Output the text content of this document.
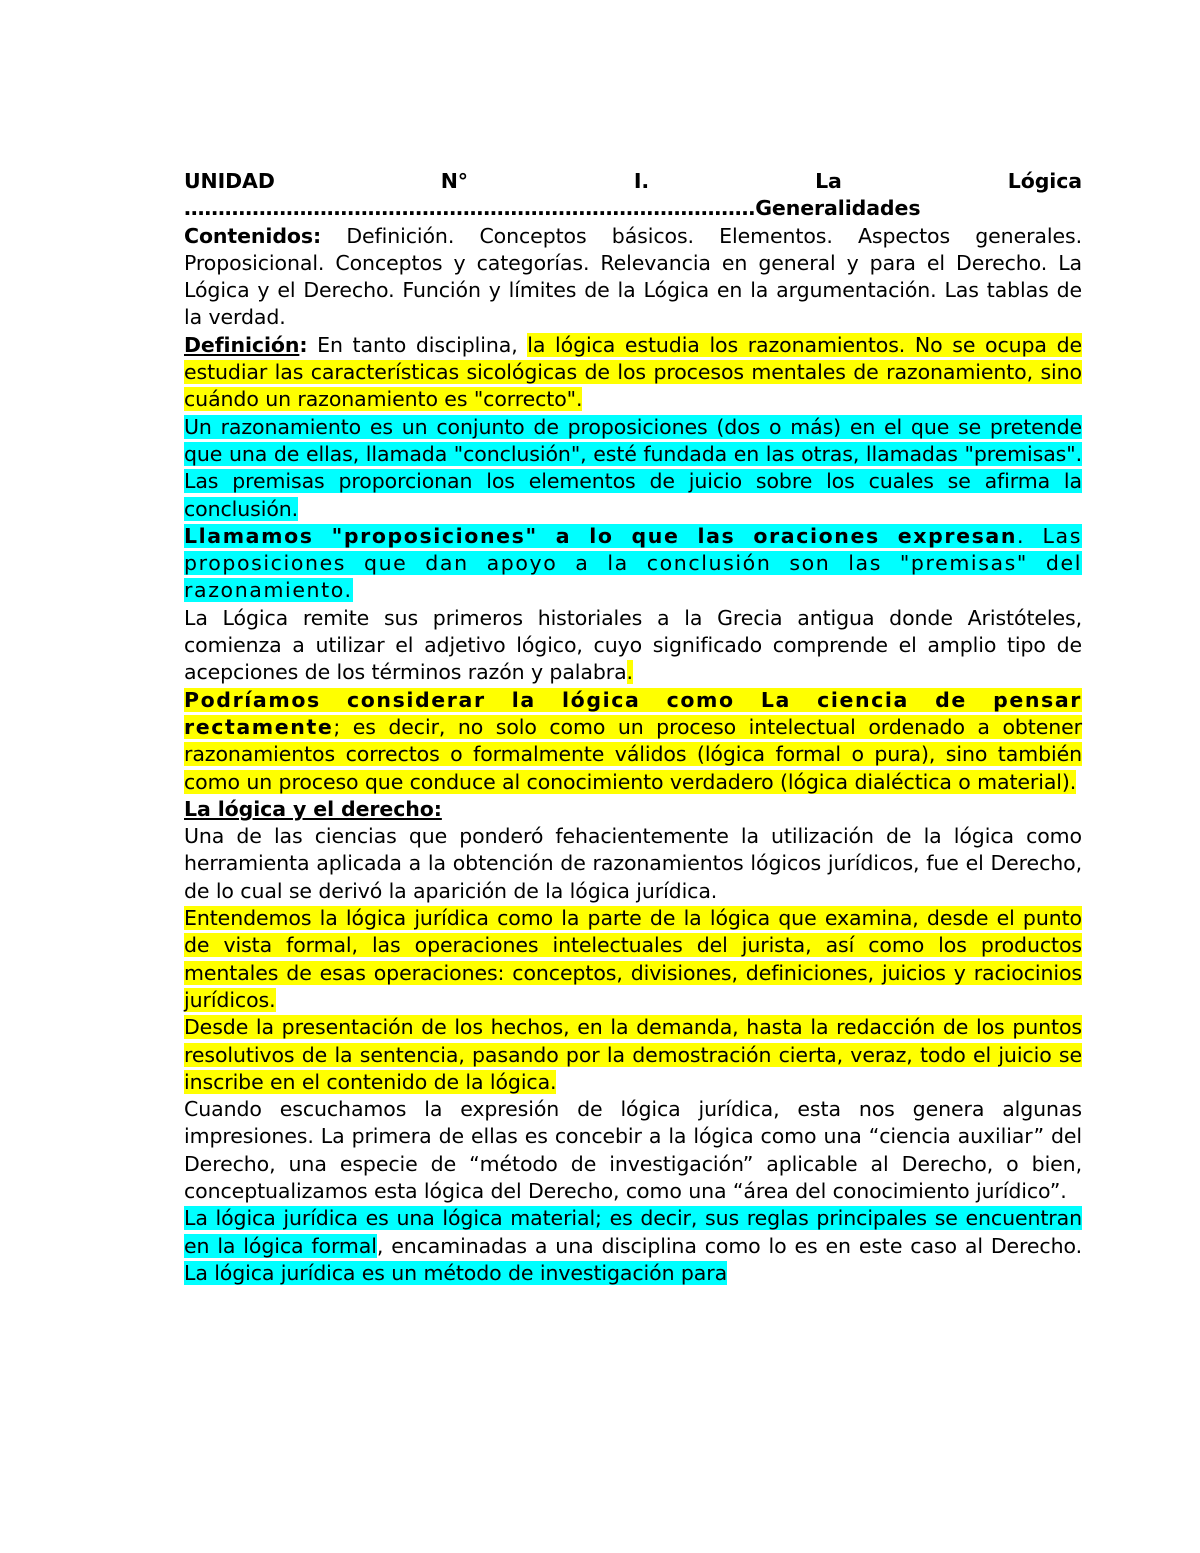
UNIDAD	N°	I.	La	Lógica

…………………………………………………………………………Generalidades

Contenidos: Definición. Conceptos básicos. Elementos. Aspectos generales. Proposicional. Conceptos y categorías. Relevancia en general y para el Derecho. La Lógica y el Derecho. Función y límites de la Lógica en la argumentación. Las tablas de la verdad.

Definición: En tanto disciplina, la lógica estudia los razonamientos. No se ocupa de estudiar las características sicológicas de los procesos mentales de razonamiento, sino cuándo un razonamiento es "correcto".

Un razonamiento es un conjunto de proposiciones (dos o más) en el que se pretende que una de ellas, llamada "conclusión", esté fundada en las otras, llamadas "premisas". Las premisas proporcionan los elementos de juicio sobre los cuales se afirma la conclusión.

Llamamos "proposiciones" a lo que las oraciones expresan. Las proposiciones que dan apoyo a la conclusión son las "premisas" del razonamiento.

La Lógica remite sus primeros historiales a la Grecia antigua donde Aristóteles, comienza a utilizar el adjetivo lógico, cuyo significado comprende el amplio tipo de acepciones de los términos razón y palabra.

Podríamos considerar la lógica como La ciencia de pensar rectamente; es decir, no solo como un proceso intelectual ordenado a obtener razonamientos correctos o formalmente válidos (lógica formal o pura), sino también como un proceso que conduce al conocimiento verdadero (lógica dialéctica o material).

La lógica y el derecho:

Una de las ciencias que ponderó fehacientemente la utilización de la lógica como herramienta aplicada a la obtención de razonamientos lógicos jurídicos, fue el Derecho, de lo cual se derivó la aparición de la lógica jurídica.

Entendemos la lógica jurídica como la parte de la lógica que examina, desde el punto de vista formal, las operaciones intelectuales del jurista, así como los productos mentales de esas operaciones: conceptos, divisiones, definiciones, juicios y raciocinios jurídicos.

Desde la presentación de los hechos, en la demanda, hasta la redacción de los puntos resolutivos de la sentencia, pasando por la demostración cierta, veraz, todo el juicio se inscribe en el contenido de la lógica.

Cuando escuchamos la expresión de lógica jurídica, esta nos genera algunas impresiones. La primera de ellas es concebir a la lógica como una “ciencia auxiliar” del Derecho, una especie de “método de investigación” aplicable al Derecho, o bien, conceptualizamos esta lógica del Derecho, como una “área del conocimiento jurídico”.

La lógica jurídica es una lógica material; es decir, sus reglas principales se encuentran en la lógica formal, encaminadas a una disciplina como lo es en este caso al Derecho. La lógica jurídica es un método de investigación para
